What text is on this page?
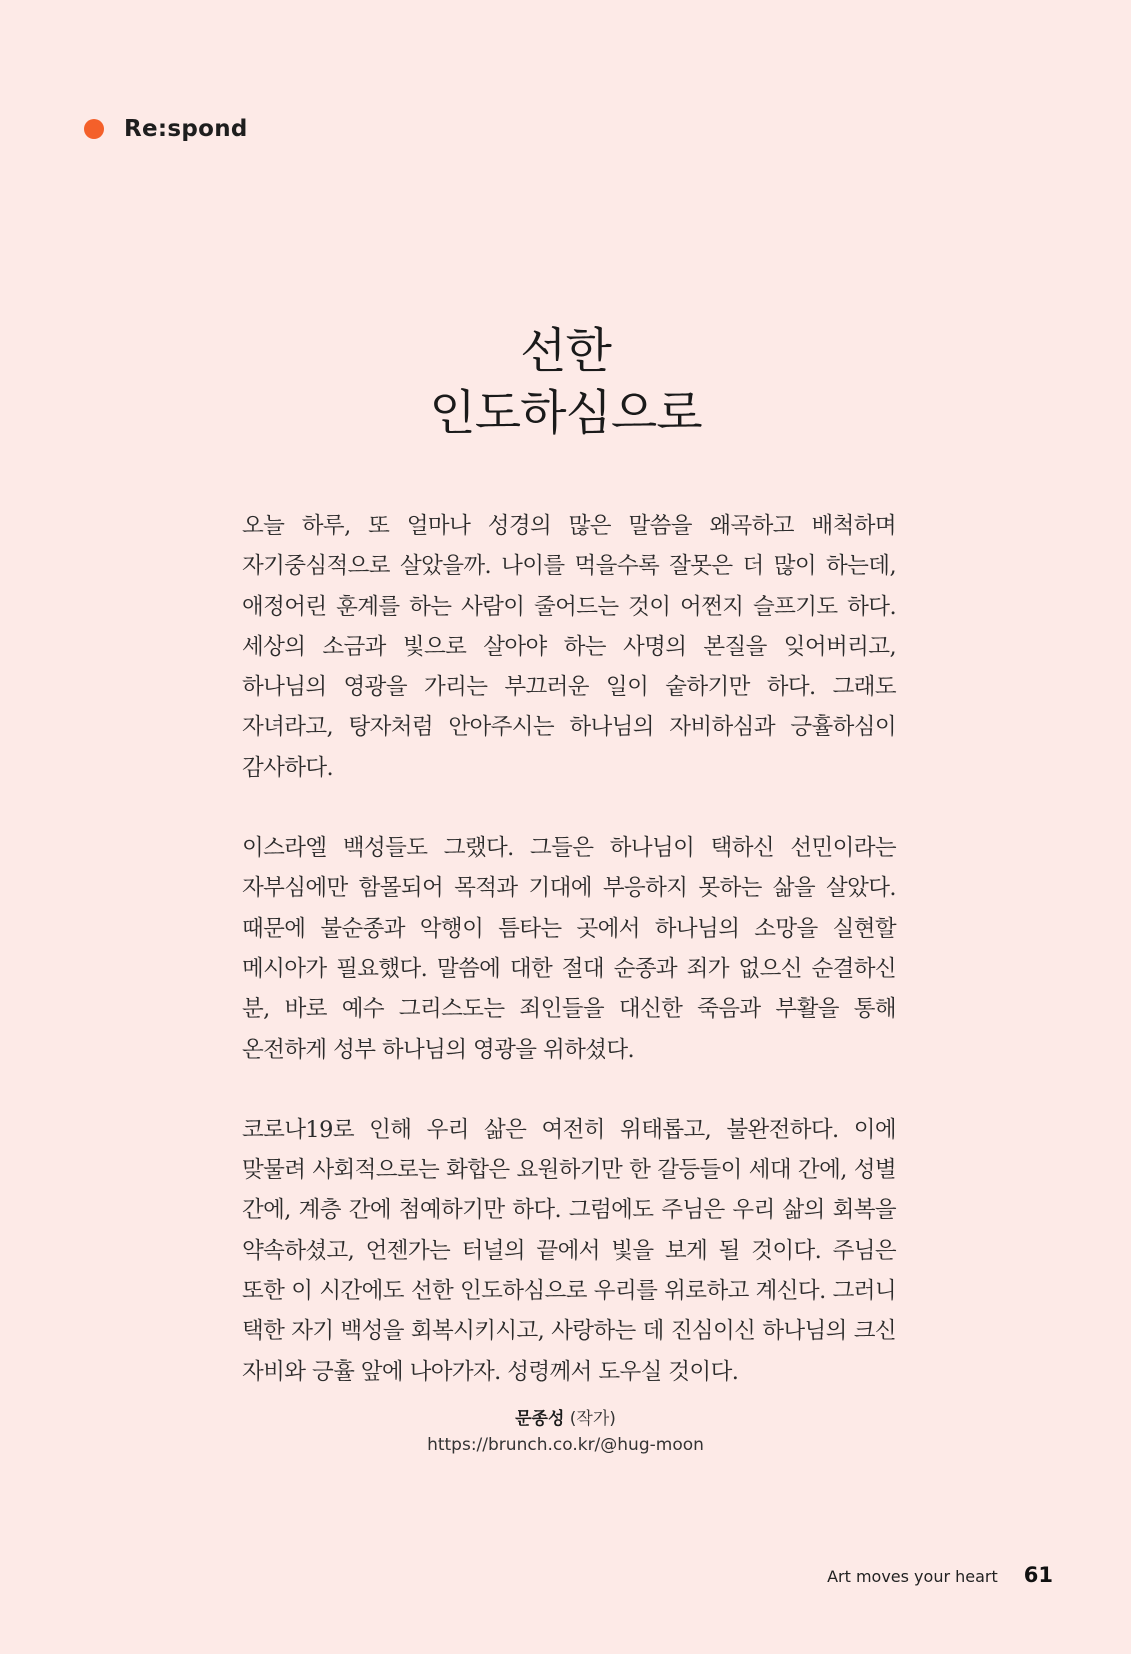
Re:spond
선한
인도하심으로

오늘 하루, 또 얼마나 성경의 많은 말씀을 왜곡하고 배척하며 자기중심적으로 살았을까. 나이를 먹을수록 잘못은 더 많이 하는데, 애정어린 훈계를 하는 사람이 줄어드는 것이 어쩐지 슬프기도 하다. 세상의 소금과 빛으로 살아야 하는 사명의 본질을 잊어버리고, 하나님의 영광을 가리는 부끄러운 일이 숱하기만 하다. 그래도 자녀라고, 탕자처럼 안아주시는 하나님의 자비하심과 긍휼하심이 감사하다.

이스라엘 백성들도 그랬다. 그들은 하나님이 택하신 선민이라는 자부심에만 함몰되어 목적과 기대에 부응하지 못하는 삶을 살았다. 때문에 불순종과 악행이 틈타는 곳에서 하나님의 소망을 실현할 메시아가 필요했다. 말씀에 대한 절대 순종과 죄가 없으신 순결하신 분, 바로 예수 그리스도는 죄인들을 대신한 죽음과 부활을 통해 온전하게 성부 하나님의 영광을 위하셨다.

코로나19로 인해 우리 삶은 여전히 위태롭고, 불완전하다. 이에 맞물려 사회적으로는 화합은 요원하기만 한 갈등들이 세대 간에, 성별 간에, 계층 간에 첨예하기만 하다. 그럼에도 주님은 우리 삶의 회복을 약속하셨고, 언젠가는 터널의 끝에서 빛을 보게 될 것이다. 주님은 또한 이 시간에도 선한 인도하심으로 우리를 위로하고 계신다. 그러니 택한 자기 백성을 회복시키시고, 사랑하는 데 진심이신 하나님의 크신 자비와 긍휼 앞에 나아가자. 성령께서 도우실 것이다.

문종성 (작가)
https://brunch.co.kr/@hug-moon
Art moves your heart 61
